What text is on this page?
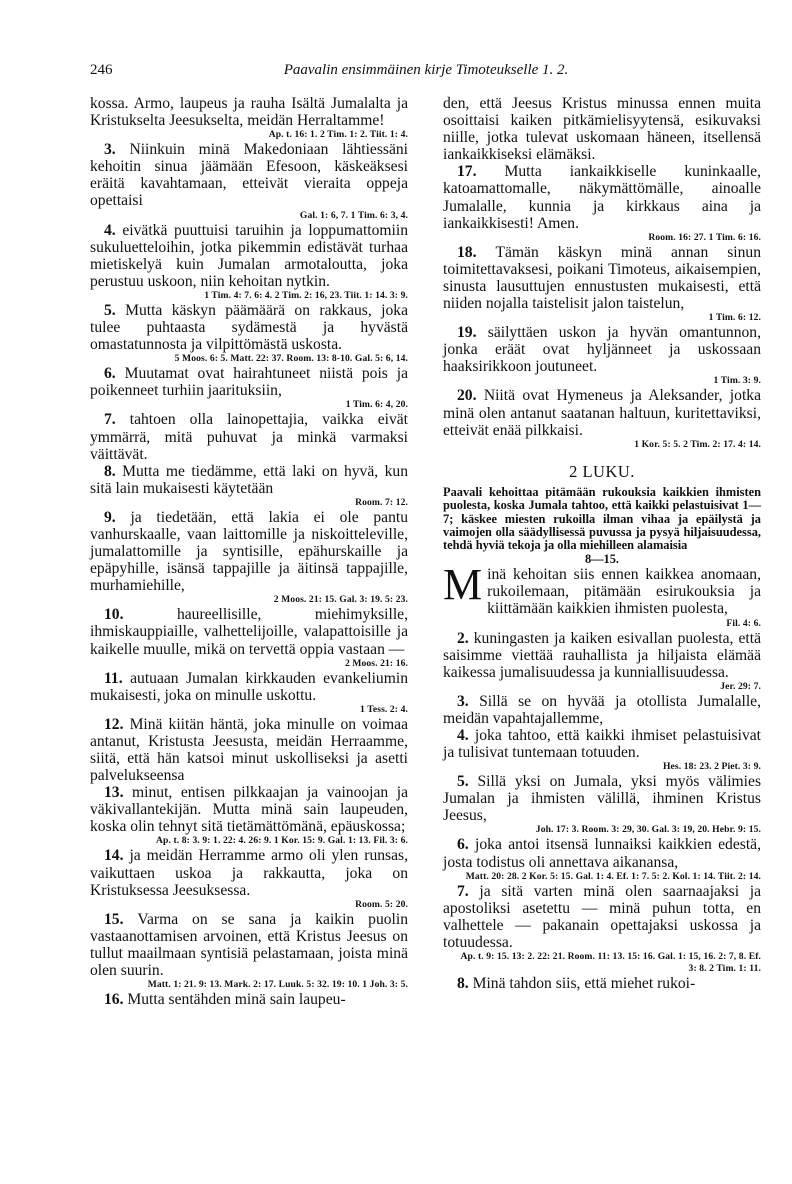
246	Paavalin ensimmäinen kirje Timoteukselle 1. 2.

kossa. Armo, laupeus ja rauha Isältä Jumalalta ja Kristukselta Jeesukselta, meidän Herraltamme!
Ap. t. 16: 1. 2 Tim. 1: 2. Tiit. 1: 4.

3. Niinkuin minä Makedoniaan lähtiessäni kehoitin sinua jäämään Efesoon, käskeäksesi eräitä kavahtamaan, etteivät vieraita oppeja opettaisi
Gal. 1: 6, 7. 1 Tim. 6: 3, 4.

4. eivätkä puuttuisi taruihin ja loppumattomiin sukuluetteloihin, jotka pikemmin edistävät turhaa mietiskelyä kuin Jumalan armotaloutta, joka perustuu uskoon, niin kehoitan nytkin.
1 Tim. 4: 7. 6: 4. 2 Tim. 2: 16, 23. Tiit. 1: 14. 3: 9.

5. Mutta käskyn päämäärä on rakkaus, joka tulee puhtaasta sydämestä ja hyvästä omastatunnosta ja vilpittömästä uskosta.
5 Moos. 6: 5. Matt. 22: 37. Room. 13: 8-10. Gal. 5: 6, 14.

6. Muutamat ovat hairahtuneet niistä pois ja poikenneet turhiin jaarituksiin,
1 Tim. 6: 4, 20.

7. tahtoen olla lainopettajia, vaikka eivät ymmärrä, mitä puhuvat ja minkä varmaksi väittävät.

8. Mutta me tiedämme, että laki on hyvä, kun sitä lain mukaisesti käytetään
Room. 7: 12.

9. ja tiedetään, että lakia ei ole pantu vanhurskaalle, vaan laittomille ja niskoitteleville, jumalattomille ja syntisille, epähurskaille ja epäpyhille, isänsä tappajille ja äitinsä tappajille, murhamiehille,
2 Moos. 21: 15. Gal. 3: 19. 5: 23.

10. haureellisille, miehimyksille, ihmiskauppiaille, valhettelijoille, valapattoisille ja kaikelle muulle, mikä on tervettä oppia vastaan —
2 Moos. 21: 16.

11. autuaan Jumalan kirkkauden evankeliumin mukaisesti, joka on minulle uskottu.
1 Tess. 2: 4.

12. Minä kiitän häntä, joka minulle on voimaa antanut, Kristusta Jeesusta, meidän Herraamme, siitä, että hän katsoi minut uskolliseksi ja asetti palvelukseensa

13. minut, entisen pilkkaajan ja vainoojan ja väkivallantekijän. Mutta minä sain laupeuden, koska olin tehnyt sitä tietämättömänä, epäuskossa;
Ap. t. 8: 3. 9: 1. 22: 4. 26: 9. 1 Kor. 15: 9. Gal. 1: 13. Fil. 3: 6.

14. ja meidän Herramme armo oli ylen runsas, vaikuttaen uskoa ja rakkautta, joka on Kristuksessa Jeesuksessa.
Room. 5: 20.

15. Varma on se sana ja kaikin puolin vastaanottamisen arvoinen, että Kristus Jeesus on tullut maailmaan syntisiä pelastamaan, joista minä olen suurin.
Matt. 1: 21. 9: 13. Mark. 2: 17. Luuk. 5: 32. 19: 10. 1 Joh. 3: 5.

16. Mutta sentähden minä sain laupeu-

den, että Jeesus Kristus minussa ennen muita osoittaisi kaiken pitkämielisyytensä, esikuvaksi niille, jotka tulevat uskomaan häneen, itsellensä iankaikkiseksi elämäksi.

17. Mutta iankaikkiselle kuninkaalle, katoamattomalle, näkymättömälle, ainoalle Jumalalle, kunnia ja kirkkaus aina ja iankaikkisesti! Amen.
Room. 16: 27. 1 Tim. 6: 16.

18. Tämän käskyn minä annan sinun toimitettavaksesi, poikani Timoteus, aikaisempien, sinusta lausuttujen ennustusten mukaisesti, että niiden nojalla taistelisit jalon taistelun,
1 Tim. 6: 12.

19. säilyttäen uskon ja hyvän omantunnon, jonka eräät ovat hyljänneet ja uskossaan haaksirikkoon joutuneet.
1 Tim. 3: 9.

20. Niitä ovat Hymeneus ja Aleksander, jotka minä olen antanut saatanan haltuun, kuritettaviksi, etteivät enää pilkkaisi.
1 Kor. 5: 5. 2 Tim. 2: 17. 4: 14.

2 LUKU.

Paavali kehoittaa pitämään rukouksia kaikkien ihmisten puolesta, koska Jumala tahtoo, että kaikki pelastuisivat 1—7; käskee miesten rukoilla ilman vihaa ja epäilystä ja vaimojen olla säädyllisessä puvussa ja pysyä hiljaisuudessa, tehdä hyviä tekoja ja olla miehilleen alamaisia
8—15.

Minä kehoitan siis ennen kaikkea anomaan, rukoilemaan, pitämään esirukouksia ja kiittämään kaikkien ihmisten puolesta,
Fil. 4: 6.

2. kuningasten ja kaiken esivallan puolesta, että saisimme viettää rauhallista ja hiljaista elämää kaikessa jumalisuudessa ja kunniallisuudessa.
Jer. 29: 7.

3. Sillä se on hyvää ja otollista Jumalalle, meidän vapahtajallemme,

4. joka tahtoo, että kaikki ihmiset pelastuisivat ja tulisivat tuntemaan totuuden.
Hes. 18: 23. 2 Piet. 3: 9.

5. Sillä yksi on Jumala, yksi myös välimies Jumalan ja ihmisten välillä, ihminen Kristus Jeesus,
Joh. 17: 3. Room. 3: 29, 30. Gal. 3: 19, 20. Hebr. 9: 15.

6. joka antoi itsensä lunnaiksi kaikkien edestä, josta todistus oli annettava aikanansa,
Matt. 20: 28. 2 Kor. 5: 15. Gal. 1: 4. Ef. 1: 7. 5: 2. Kol. 1: 14. Tiit. 2: 14.

7. ja sitä varten minä olen saarnaajaksi ja apostoliksi asetettu — minä puhun totta, en valhettele — pakanain opettajaksi uskossa ja totuudessa.
Ap. t. 9: 15. 13: 2. 22: 21. Room. 11: 13. 15: 16. Gal. 1: 15, 16. 2: 7, 8. Ef. 3: 8. 2 Tim. 1: 11.

8. Minä tahdon siis, että miehet rukoi-
